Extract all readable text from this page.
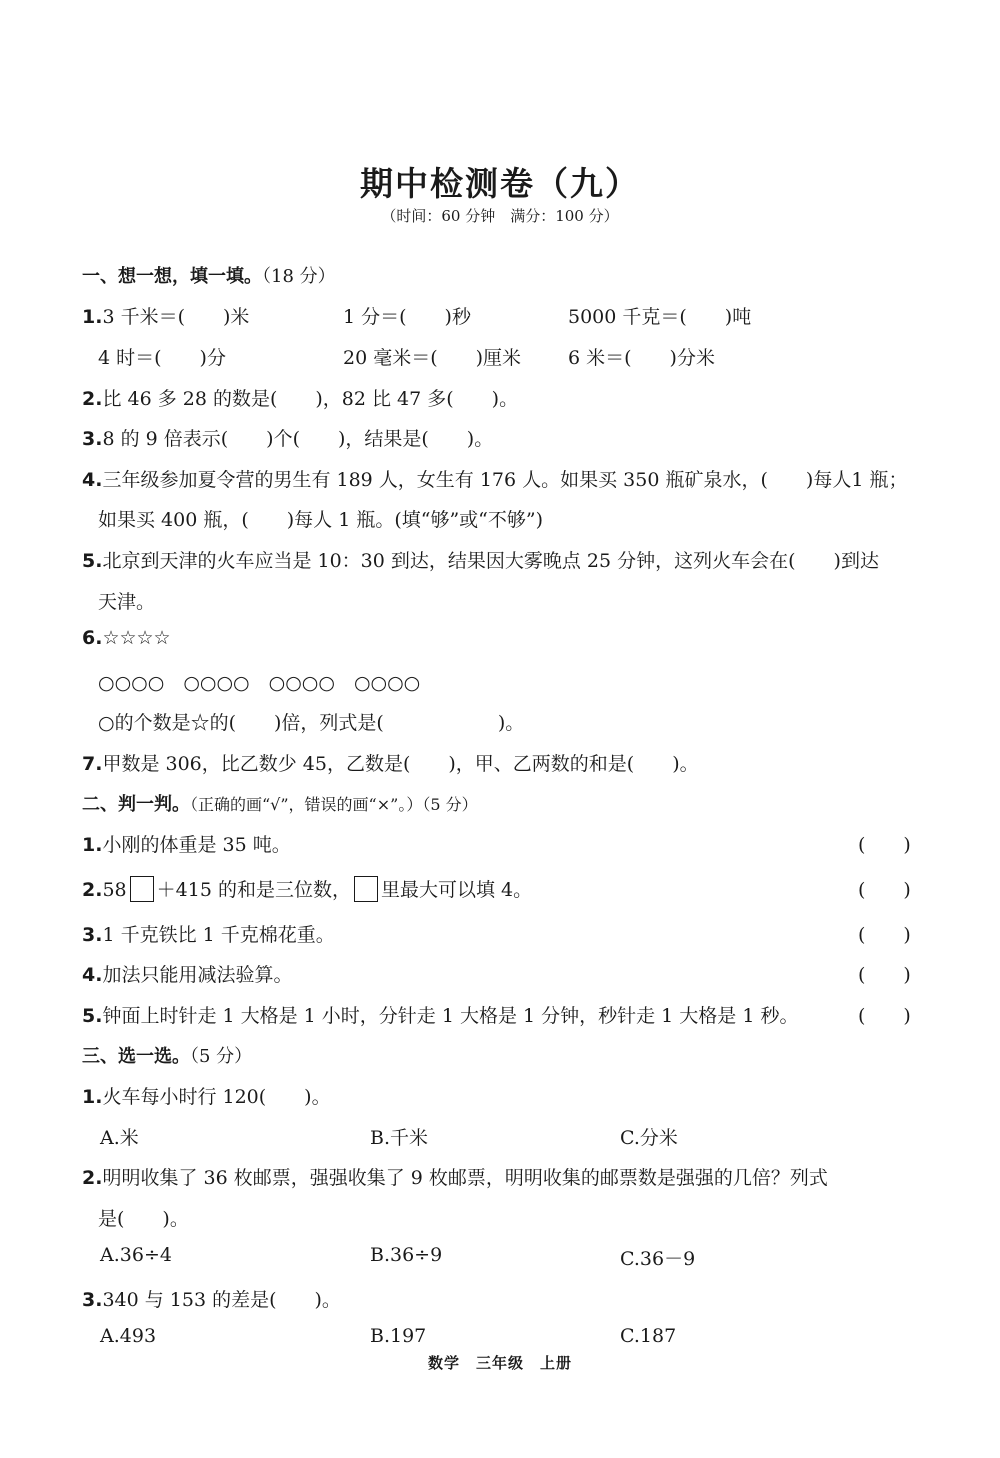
期中检测卷（九）
（时间：60 分钟　满分：100 分）
一、想一想，填一填。（18 分）
1.3 千米＝(　　)米	1 分＝(　　)秒	5000 千克＝(　　)吨
4 时＝(　　)分	20 毫米＝(　　)厘米 6 米＝(　　)分米
2.比 46 多 28 的数是(　　)，82 比 47 多(　　)。
3.8 的 9 倍表示(　　)个(　　)，结果是(　　)。
4.三年级参加夏令营的男生有 189 人，女生有 176 人。如果买 350 瓶矿泉水，(　　)每人1 瓶；
如果买 400 瓶，(　　)每人 1 瓶。(填“够”或“不够”)
5.北京到天津的火车应当是 10：30 到达，结果因大雾晚点 25 分钟，这列火车会在(　　)到达
天津。
6.☆☆☆☆
○○○○　○○○○　○○○○　○○○○
○的个数是☆的(　　)倍，列式是(　　　　　　)。
7.甲数是 306，比乙数少 45，乙数是(　　)，甲、乙两数的和是(　　)。
二、判一判。（正确的画“√”，错误的画“×”。）（5 分）
1.小刚的体重是 35 吨。	(　　)
2.58 ＋415 的和是三位数， 里最大可以填 4。	(　　)
3.1 千克铁比 1 千克棉花重。	(　　)
4.加法只能用减法验算。	(　　)
5.钟面上时针走 1 大格是 1 小时，分针走 1 大格是 1 分钟，秒针走 1 大格是 1 秒。	(　　)
三、选一选。（5 分）
1.火车每小时行 120(　　)。
A.米	B.千米	C.分米
2.明明收集了 36 枚邮票，强强收集了 9 枚邮票，明明收集的邮票数是强强的几倍？列式
是(　　)。
A.36÷4	B.36÷9	C.36－9
3.340 与 153 的差是(　　)。
A.493	B.197	C.187
数学　三年级　上册
